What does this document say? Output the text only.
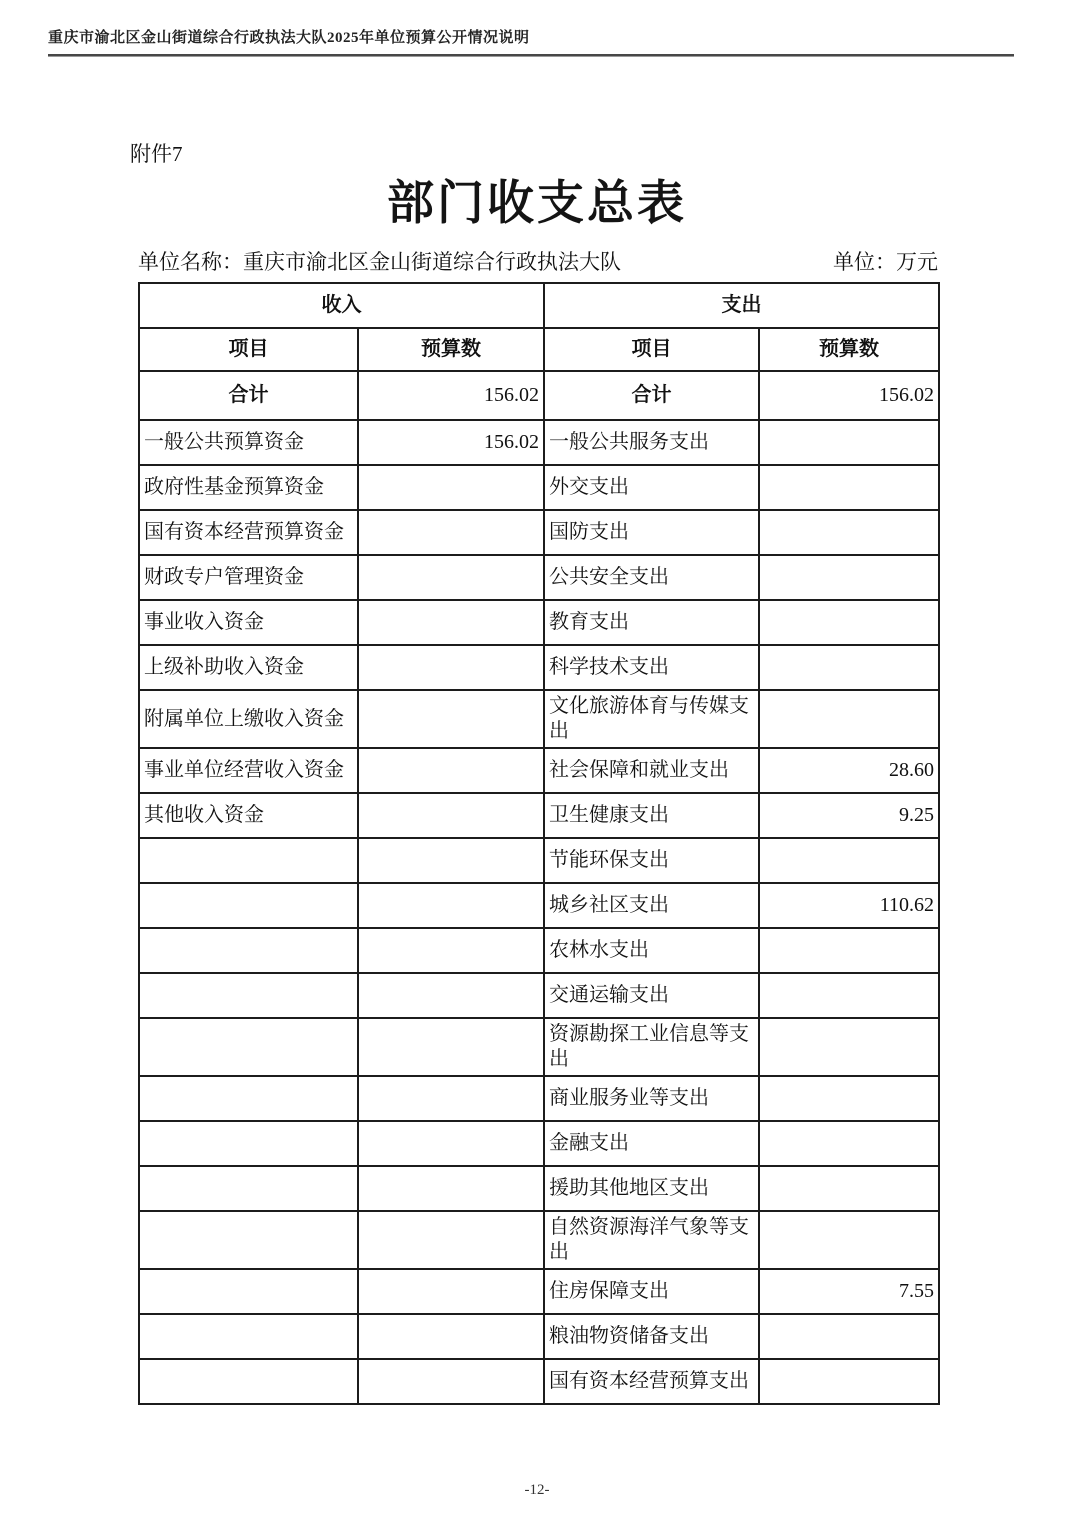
重庆市渝北区金山街道综合行政执法大队2025年单位预算公开情况说明
附件7
部门收支总表
单位名称：重庆市渝北区金山街道综合行政执法大队	单位：万元
收入		支出	
项目	预算数	项目	预算数
合计	156.02	合计	156.02
一般公共预算资金	156.02	一般公共服务支出	
政府性基金预算资金		外交支出	
国有资本经营预算资金		国防支出	
财政专户管理资金		公共安全支出	
事业收入资金		教育支出	
上级补助收入资金		科学技术支出	
附属单位上缴收入资金		文化旅游体育与传媒支出	
事业单位经营收入资金		社会保障和就业支出	28.60
其他收入资金		卫生健康支出	9.25
		节能环保支出	
		城乡社区支出	110.62
		农林水支出	
		交通运输支出	
		资源勘探工业信息等支出	
		商业服务业等支出	
		金融支出	
		援助其他地区支出	
		自然资源海洋气象等支出	
		住房保障支出	7.55
		粮油物资储备支出	
		国有资本经营预算支出	
-12-
